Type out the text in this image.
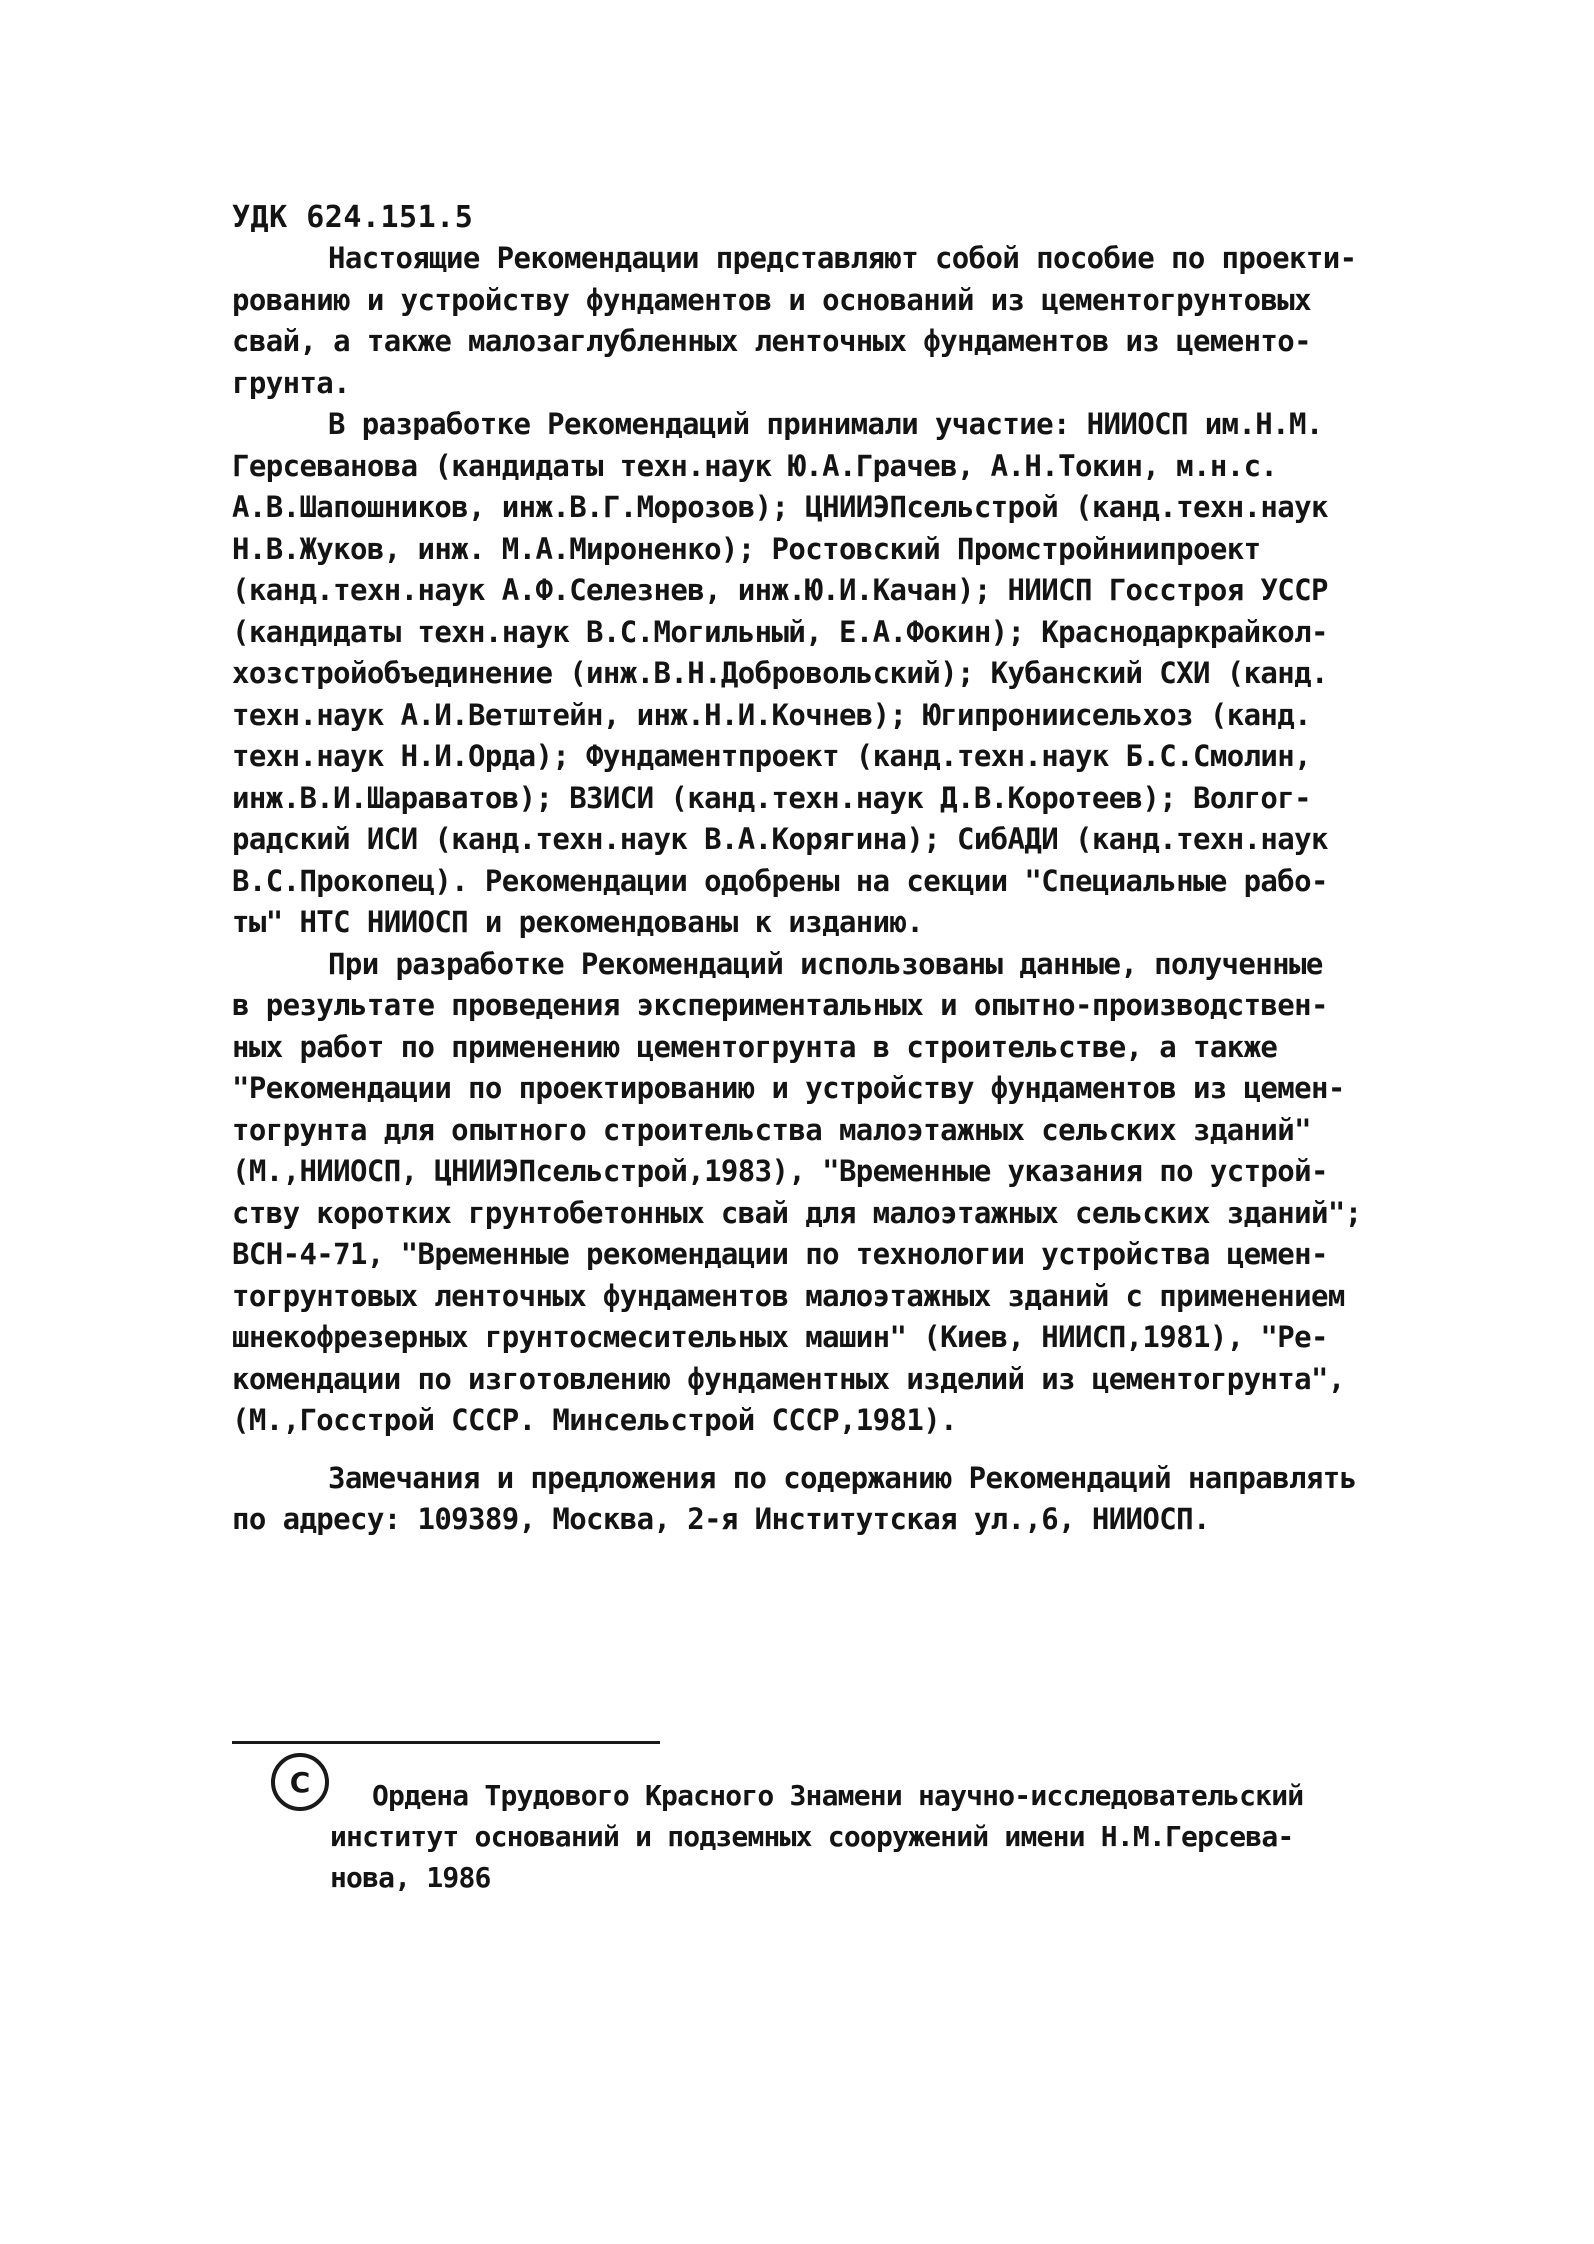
УДК 624.151.5
Настоящие Рекомендации представляют собой пособие по проекти-
рованию и устройству фундаментов и оснований из цементогрунтовых
свай, а также малозаглубленных ленточных фундаментов из цементо-
грунта.
В разработке Рекомендаций принимали участие: НИИОСП им.Н.М.
Герсеванова (кандидаты техн.наук Ю.А.Грачев, А.Н.Токин, м.н.с.
А.В.Шапошников, инж.В.Г.Морозов); ЦНИИЭПсельстрой (канд.техн.наук
Н.В.Жуков, инж. М.А.Мироненко); Ростовский Промстройниипроект
(канд.техн.наук А.Ф.Селезнев, инж.Ю.И.Качан); НИИСП Госстроя УССР
(кандидаты техн.наук В.С.Могильный, Е.А.Фокин); Краснодаркрайкол-
хозстройобъединение (инж.В.Н.Добровольский); Кубанский СХИ (канд.
техн.наук А.И.Ветштейн, инж.Н.И.Кочнев); Югипрониисельхоз (канд.
техн.наук Н.И.Орда); Фундаментпроект (канд.техн.наук Б.С.Смолин,
инж.В.И.Шараватов); ВЗИСИ (канд.техн.наук Д.В.Коротеев); Волгог-
радский ИСИ (канд.техн.наук В.А.Корягина); СибАДИ (канд.техн.наук
В.С.Прокопец). Рекомендации одобрены на секции "Специальные рабо-
ты" НТС НИИОСП и рекомендованы к изданию.
При разработке Рекомендаций использованы данные, полученные
в результате проведения экспериментальных и опытно-производствен-
ных работ по применению цементогрунта в строительстве, а также
"Рекомендации по проектированию и устройству фундаментов из цемен-
тогрунта для опытного строительства малоэтажных сельских зданий"
(М.,НИИОСП, ЦНИИЭПсельстрой,1983), "Временные указания по устрой-
ству коротких грунтобетонных свай для малоэтажных сельских зданий";
ВСН-4-71, "Временные рекомендации по технологии устройства цемен-
тогрунтовых ленточных фундаментов малоэтажных зданий с применением
шнекофрезерных грунтосмесительных машин" (Киев, НИИСП,1981), "Ре-
комендации по изготовлению фундаментных изделий из цементогрунта",
(М.,Госстрой СССР. Минсельстрой СССР,1981).
Замечания и предложения по содержанию Рекомендаций направлять
по адресу: 109389, Москва, 2-я Институтская ул.,6, НИИОСП.
C	Ордена Трудового Красного Знамени научно-исследовательский
институт оснований и подземных сооружений имени Н.М.Герсева-
нова, 1986
